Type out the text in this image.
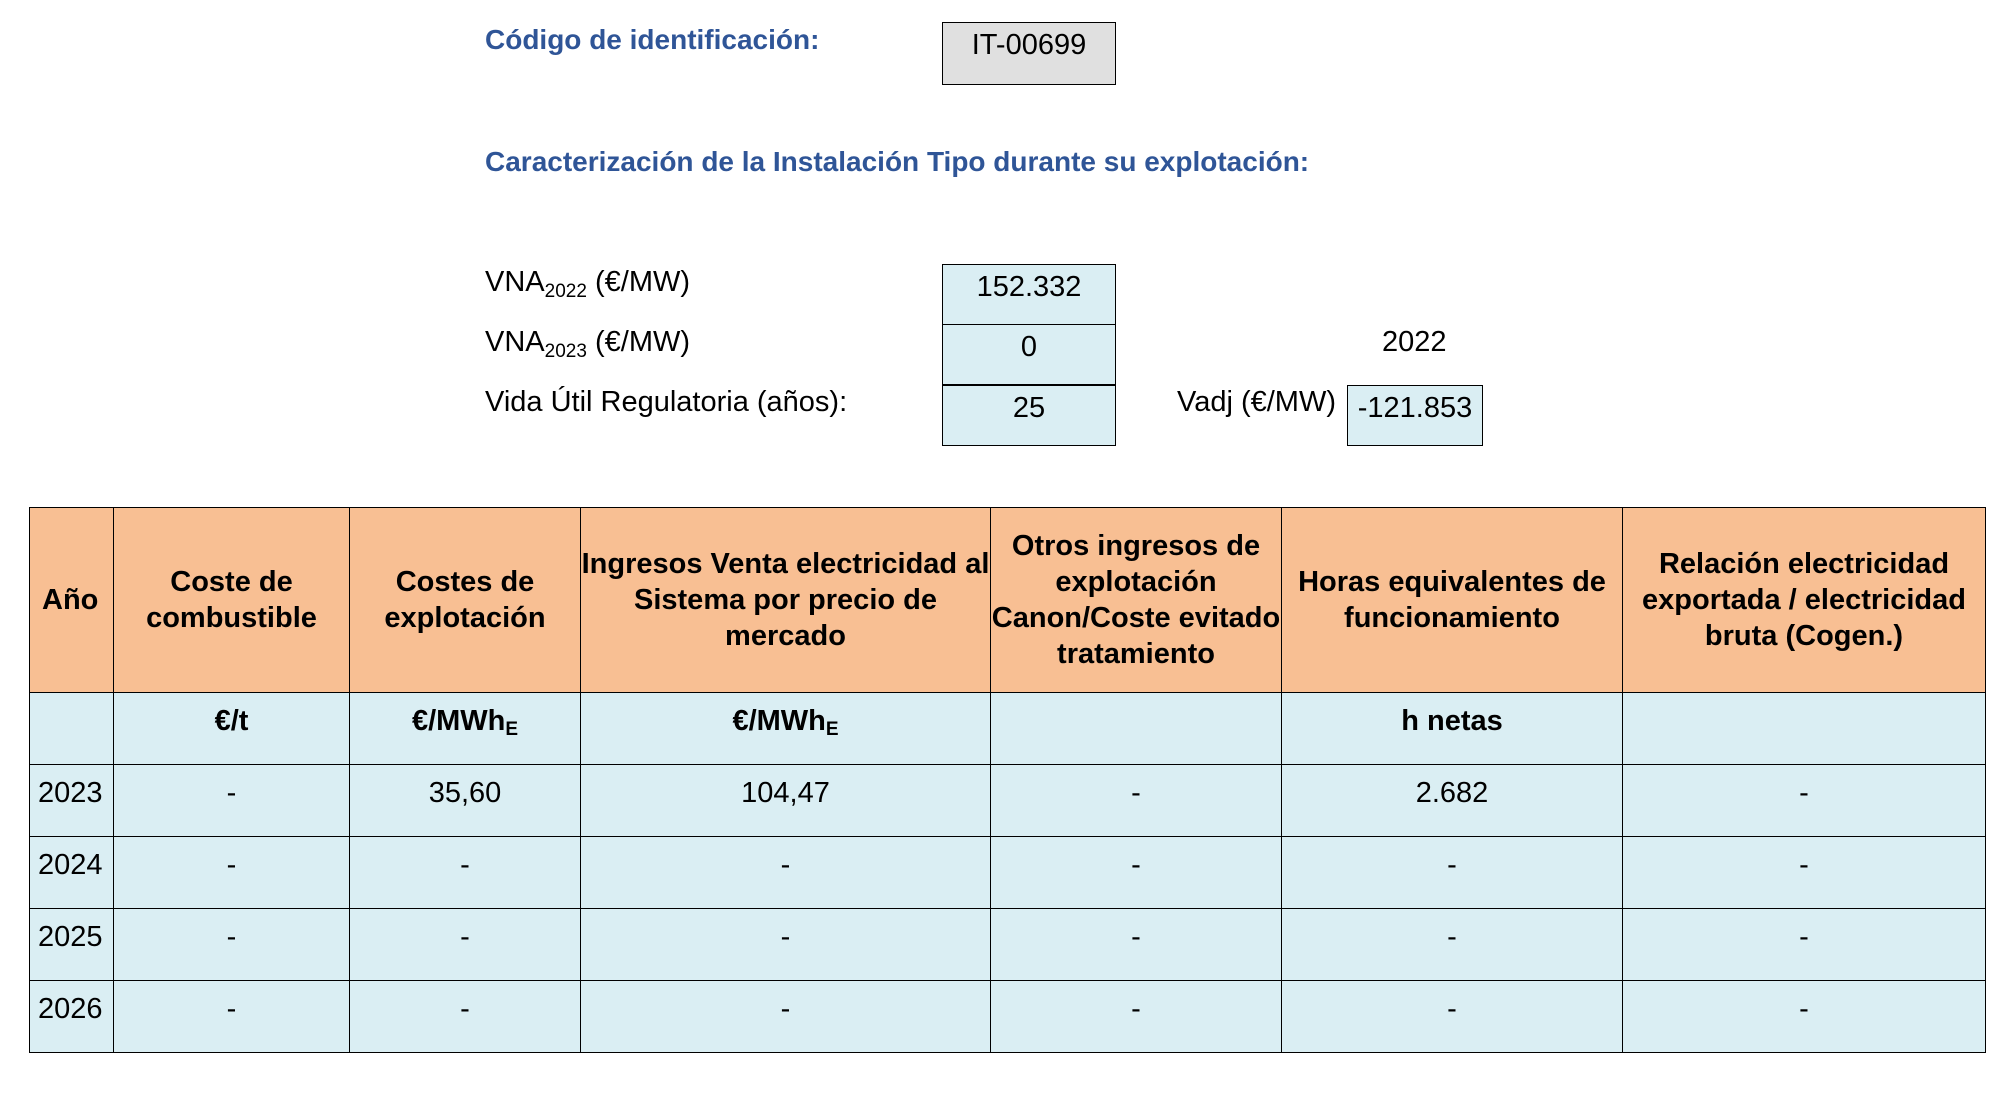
Código de identificación:	IT-00699
Caracterización de la Instalación Tipo durante su explotación:
$VNA_{2022}$ (€/MW)	152.332
$VNA_{2023}$ (€/MW)	0	2022
Vida Útil Regulatoria (años):	25	Vadj (€/MW) -121.853
Año	Coste de combustible	Costes de explotación	Ingresos Venta electricidad al Sistema por precio de mercado	Otros ingresos de explotación Canon/Coste evitado tratamiento	Horas equivalentes de funcionamiento	Relación electricidad exportada / electricidad bruta (Cogen.)
	€/t	€/MWhE	€/MWhE		h netas	
2023	-	35,60	104,47	-	2.682	-
2024	-	-	-	-	-	-
2025	-	-	-	-	-	-
2026	-	-	-	-	-	-
